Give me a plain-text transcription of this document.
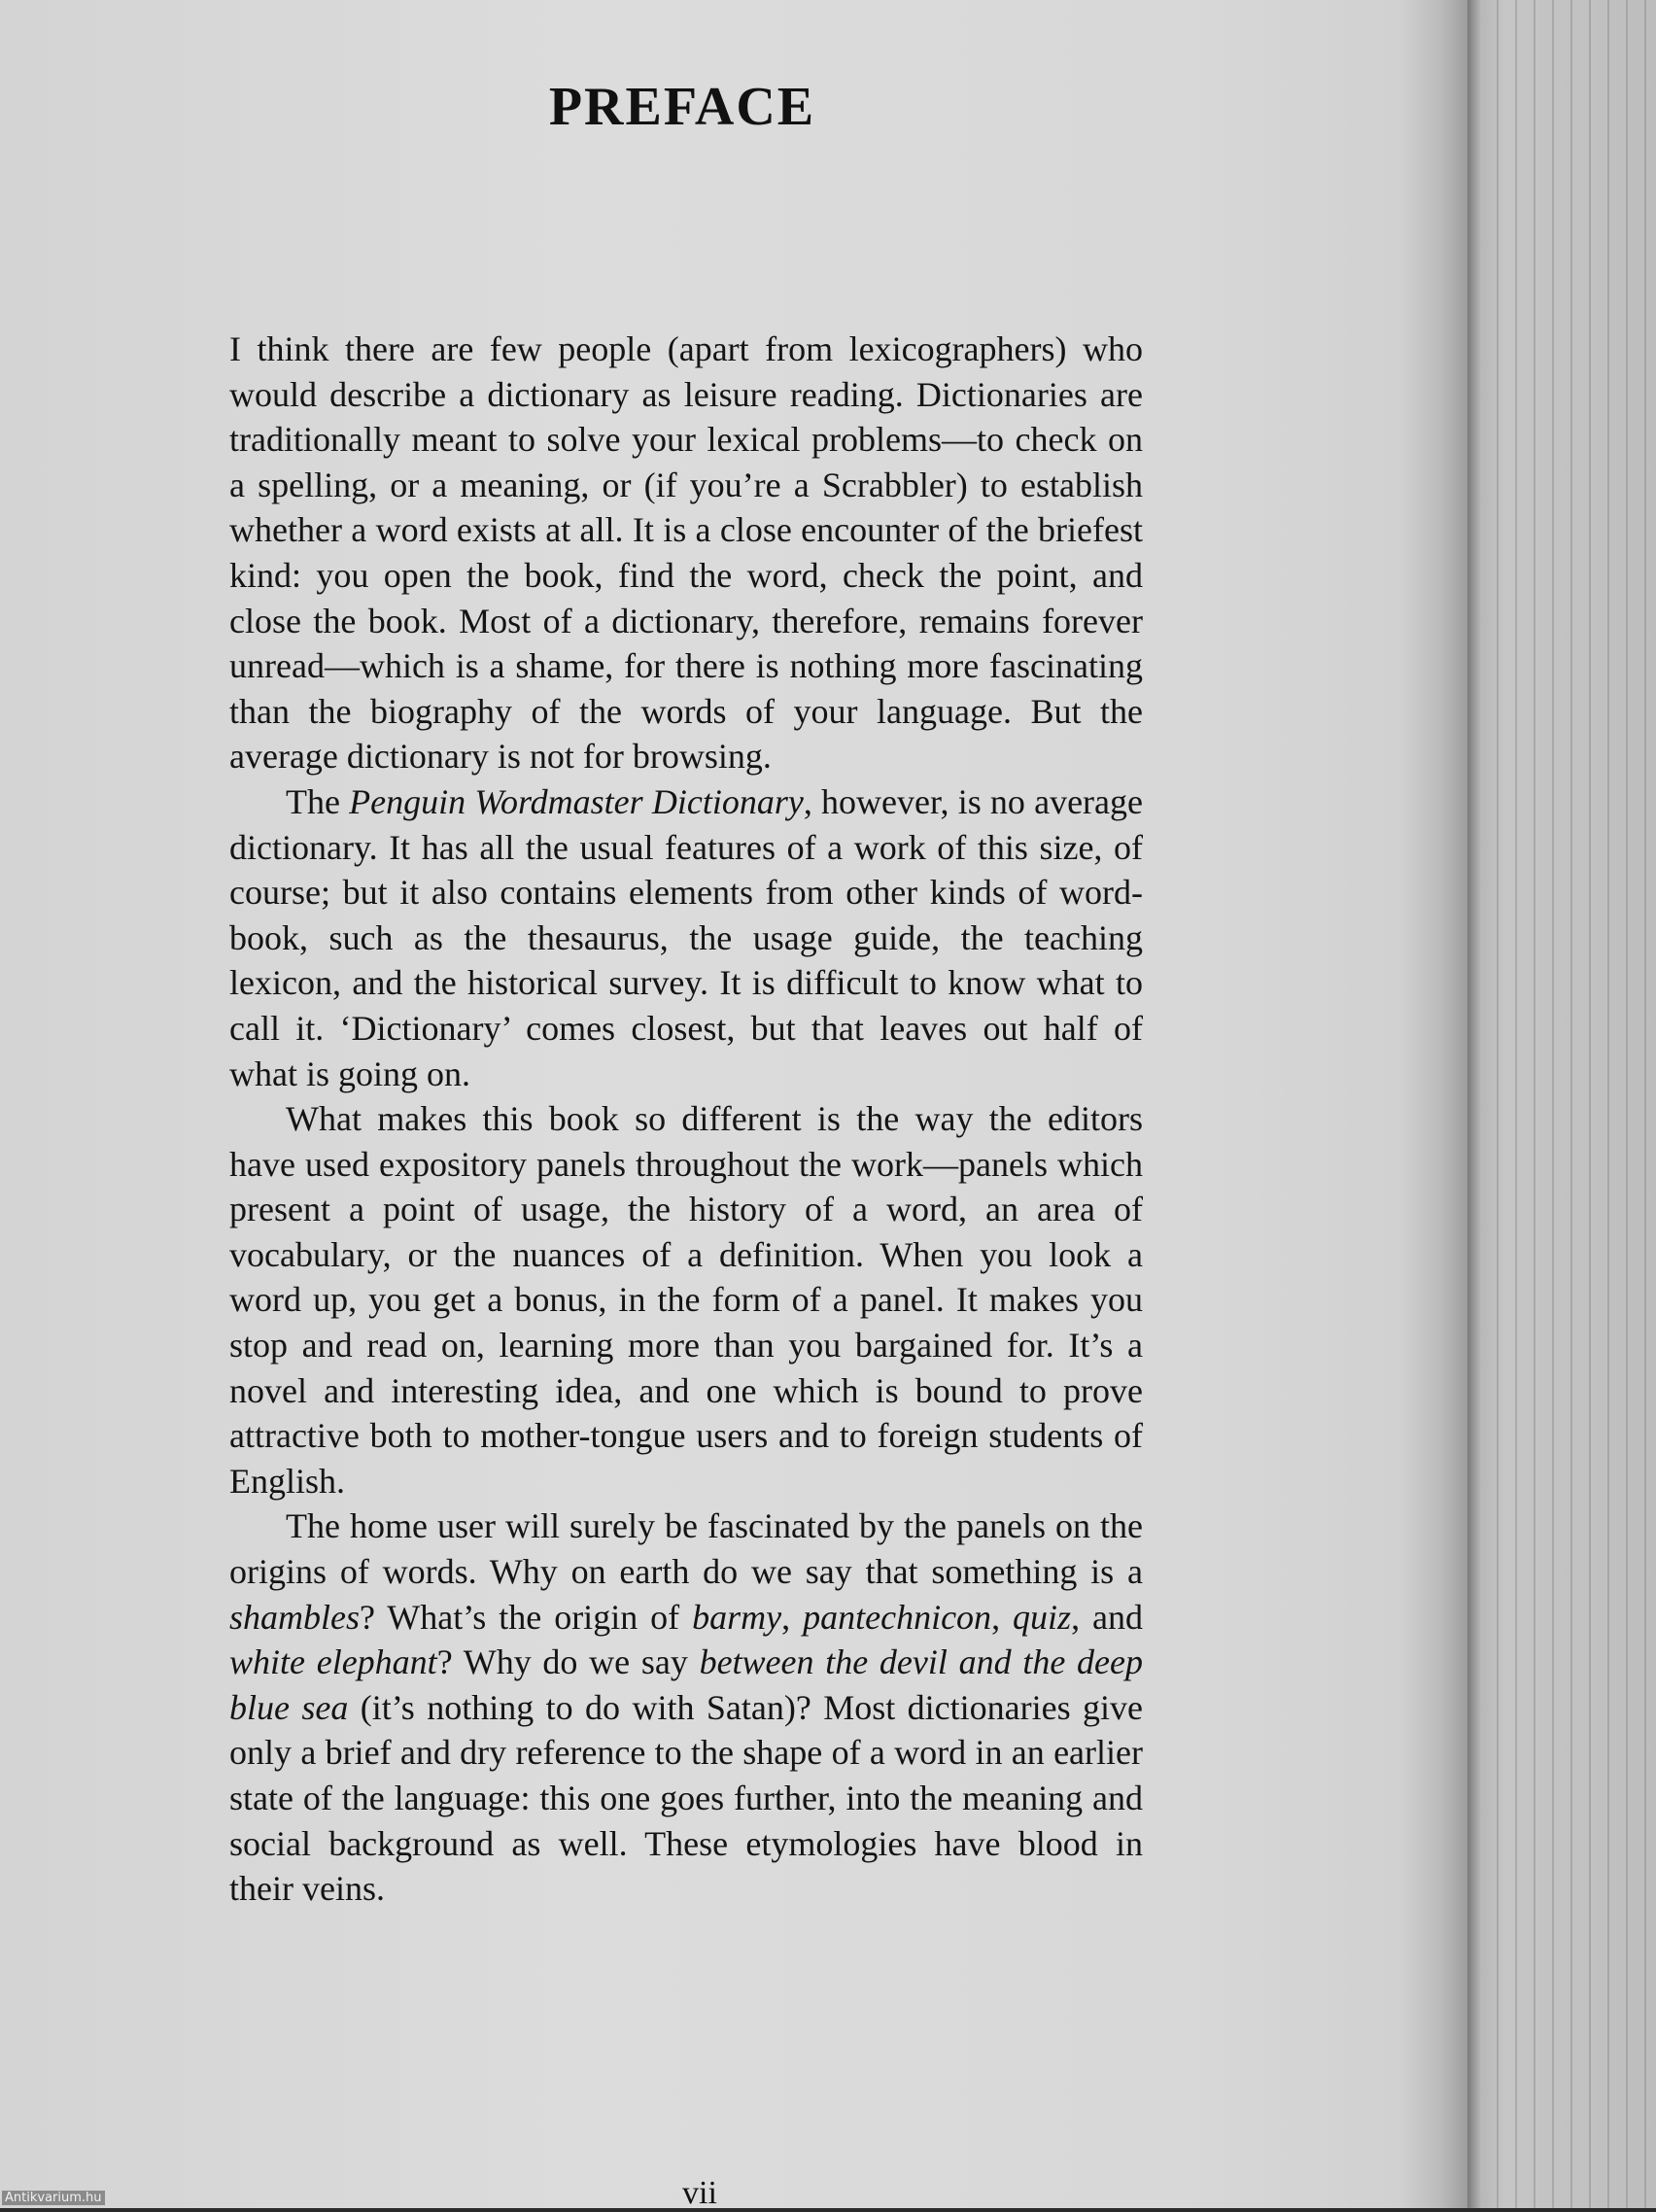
PREFACE

I think there are few people (apart from lexicographers) who would describe a dictionary as leisure reading. Dictionaries are traditionally meant to solve your lexical problems—to check on a spelling, or a meaning, or (if you’re a Scrabbler) to establish whether a word exists at all. It is a close encounter of the briefest kind: you open the book, find the word, check the point, and close the book. Most of a dictionary, therefore, remains forever unread—which is a shame, for there is nothing more fascinating than the biography of the words of your language. But the average dictionary is not for browsing.

The Penguin Wordmaster Dictionary, however, is no average dictionary. It has all the usual features of a work of this size, of course; but it also contains elements from other kinds of word-book, such as the thesaurus, the usage guide, the teaching lexicon, and the historical survey. It is difficult to know what to call it. ‘Dictionary’ comes closest, but that leaves out half of what is going on.

What makes this book so different is the way the editors have used expository panels throughout the work—panels which present a point of usage, the history of a word, an area of vocabulary, or the nuances of a definition. When you look a word up, you get a bonus, in the form of a panel. It makes you stop and read on, learning more than you bargained for. It’s a novel and interesting idea, and one which is bound to prove attractive both to mother-tongue users and to foreign students of English.

The home user will surely be fascinated by the panels on the origins of words. Why on earth do we say that something is a shambles? What’s the origin of barmy, pantechnicon, quiz, and white elephant? Why do we say between the devil and the deep blue sea (it’s nothing to do with Satan)? Most dictionaries give only a brief and dry reference to the shape of a word in an earlier state of the language: this one goes further, into the meaning and social background as well. These etymologies have blood in their veins.

vii
Antikvarium.hu
